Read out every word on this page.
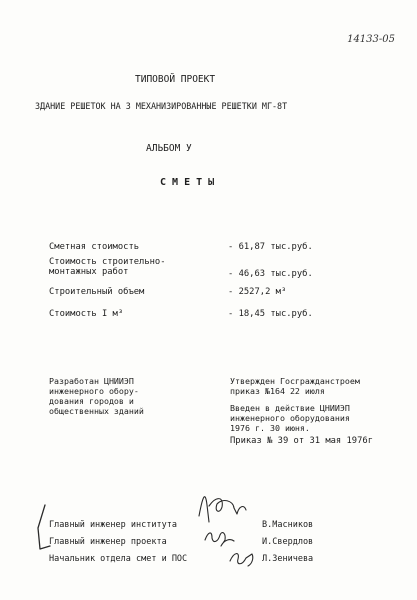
14133-05
ТИПОВОЙ ПРОЕКТ
ЗДАНИЕ РЕШЕТОК НА 3 МЕХАНИЗИРОВАННЫЕ РЕШЕТКИ МГ-8Т
АЛЬБОМ У
С М Е Т Ы
Сметная стоимость	- 61,87 тыс.руб.
Стоимость строительно-
монтажных работ	- 46,63 тыс.руб.
Строительный объем	- 2527,2 м³
Стоимость I м³	- 18,45 тыс.руб.
Разработан ЦНИИЭП
инженерного обору-
дования городов и
общественных зданий
Утвержден Госгражданстроем
приказ №164 22 июля
Введен в действие ЦНИИЭП
инженерного оборудования
1976 г. 30 июня.
Приказ № 39 от 31 мая 1976г
Главный инженер института	В.Масников
Главный инженер проекта	И.Свердлов
Начальник отдела смет и ПОС	Л.Зеничева
